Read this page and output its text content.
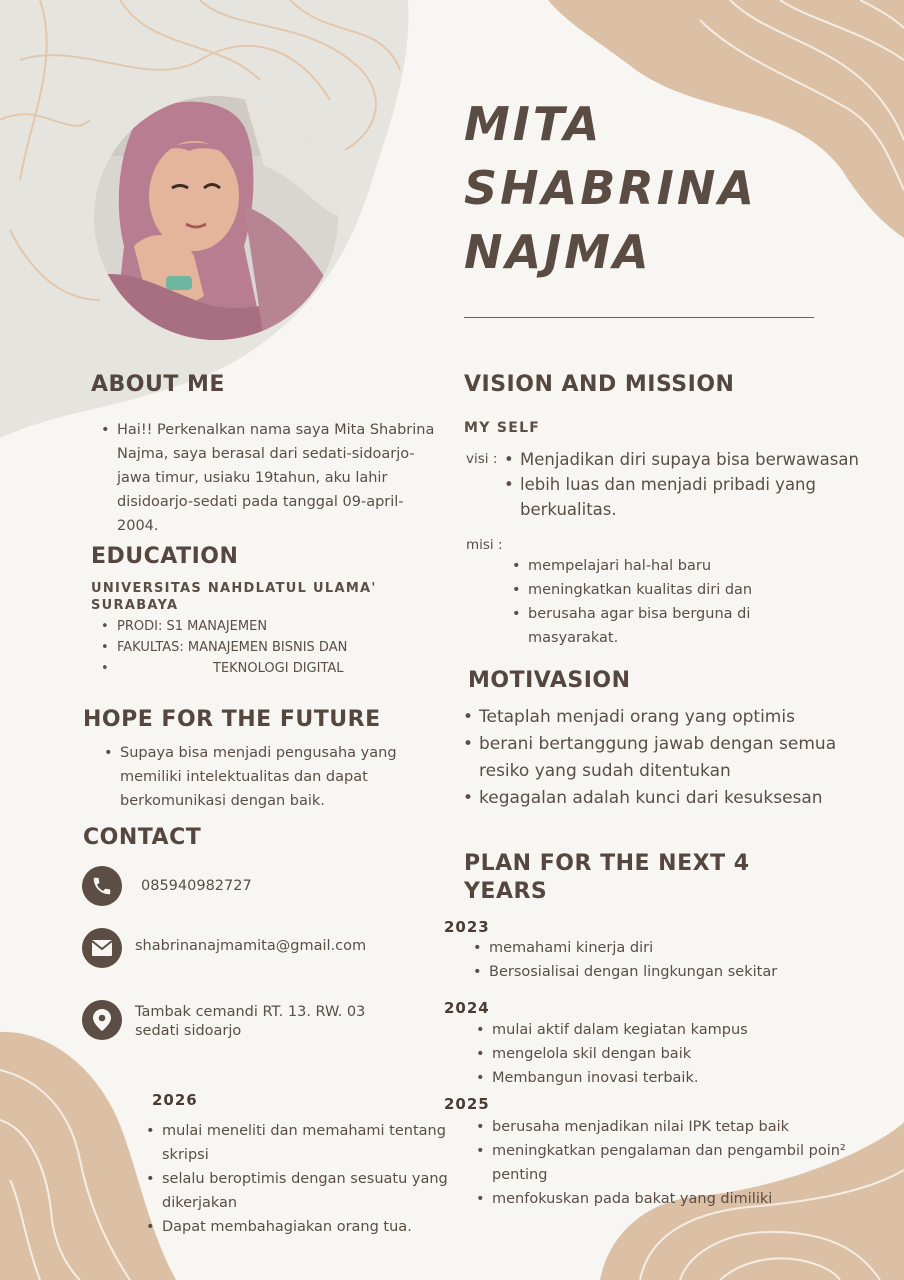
MITA
SHABRINA
NAJMA
ABOUT ME
• Hai!! Perkenalkan nama saya Mita Shabrina Najma, saya berasal dari sedati-sidoarjo-jawa timur, usiaku 19tahun, aku lahir disidoarjo-sedati pada tanggal 09-april-2004.
EDUCATION
UNIVERSITAS NAHDLATUL ULAMA' SURABAYA
• PRODI: S1 MANAJEMEN
• FAKULTAS: MANAJEMEN BISNIS DAN
• TEKNOLOGI DIGITAL
HOPE FOR THE FUTURE
• Supaya bisa menjadi pengusaha yang memiliki intelektualitas dan dapat berkomunikasi dengan baik.
CONTACT
085940982727
shabrinanajmamita@gmail.com
Tambak cemandi RT. 13. RW. 03
sedati sidoarjo
2026
• mulai meneliti dan memahami tentang skripsi
• selalu beroptimis dengan sesuatu yang dikerjakan
• Dapat membahagiakan orang tua.
VISION AND MISSION
MY SELF
visi :
•	Menjadikan diri supaya bisa berwawasan
• lebih luas dan menjadi pribadi yang berkualitas.
misi :
• mempelajari hal-hal baru
• meningkatkan kualitas diri dan
• berusaha agar bisa berguna di masyarakat.
MOTIVASION
• Tetaplah menjadi orang yang optimis
• berani bertanggung jawab dengan semua resiko yang sudah ditentukan
• kegagalan adalah kunci dari kesuksesan
PLAN FOR THE NEXT 4 YEARS
2023
• memahami kinerja diri
• Bersosialisai dengan lingkungan sekitar
2024
• mulai aktif dalam kegiatan kampus
• mengelola skil dengan baik
• Membangun inovasi terbaik.
2025
• berusaha menjadikan nilai IPK tetap baik
• meningkatkan pengalaman dan pengambil poin² penting
• menfokuskan pada bakat yang dimiliki
